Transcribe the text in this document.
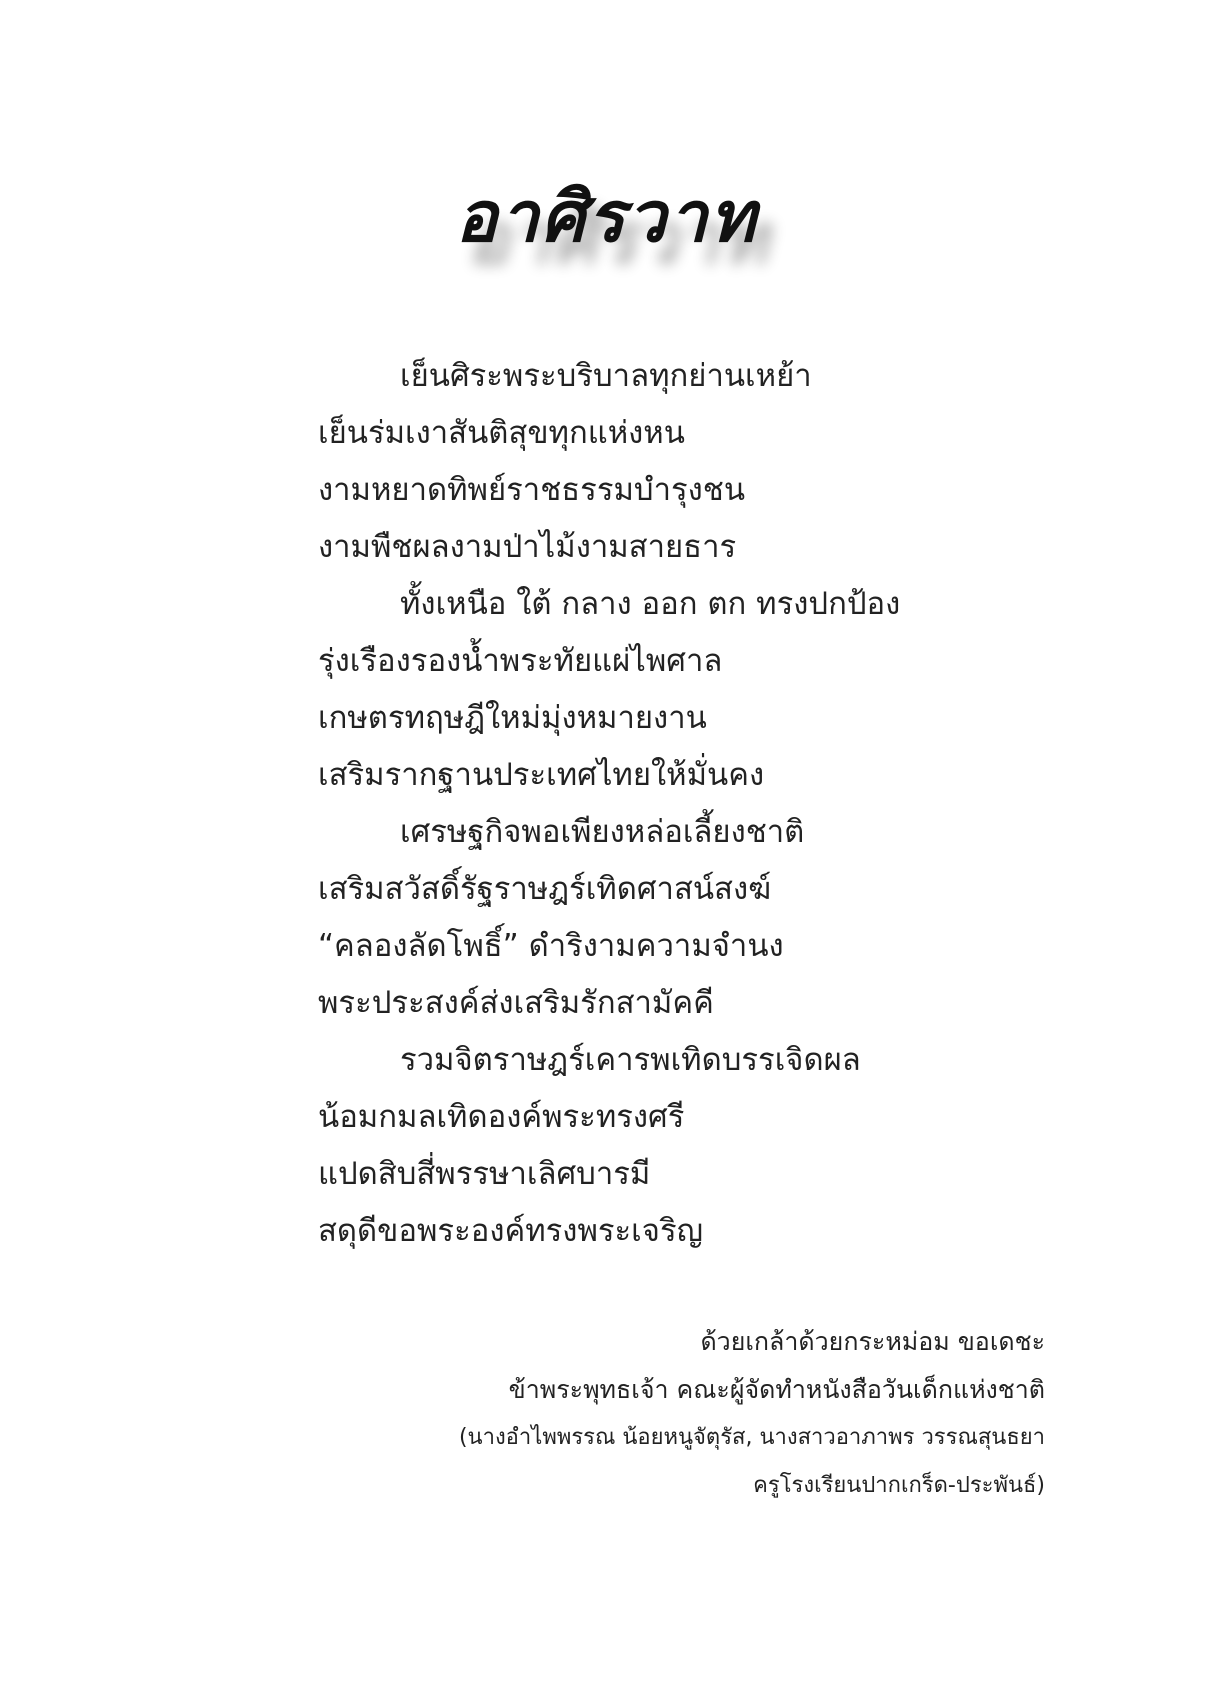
อาศิรวาท
เย็นศิระพระบริบาลทุกย่านเหย้า
เย็นร่มเงาสันติสุขทุกแห่งหน
งามหยาดทิพย์ราชธรรมบำรุงชน
งามพืชผลงามป่าไม้งามสายธาร
ทั้งเหนือ ใต้ กลาง ออก ตก ทรงปกป้อง
รุ่งเรืองรองน้ำพระทัยแผ่ไพศาล
เกษตรทฤษฎีใหม่มุ่งหมายงาน
เสริมรากฐานประเทศไทยให้มั่นคง
เศรษฐกิจพอเพียงหล่อเลี้ยงชาติ
เสริมสวัสดิ์รัฐราษฎร์เทิดศาสน์สงฆ์
“คลองลัดโพธิ์” ดำริงามความจำนง
พระประสงค์ส่งเสริมรักสามัคคี
รวมจิตราษฎร์เคารพเทิดบรรเจิดผล
น้อมกมลเทิดองค์พระทรงศรี
แปดสิบสี่พรรษาเลิศบารมี
สดุดีขอพระองค์ทรงพระเจริญ
ด้วยเกล้าด้วยกระหม่อม ขอเดชะ
ข้าพระพุทธเจ้า คณะผู้จัดทำหนังสือวันเด็กแห่งชาติ
(นางอำไพพรรณ น้อยหนูจัตุรัส, นางสาวอาภาพร วรรณสุนธยา
ครูโรงเรียนปากเกร็ด-ประพันธ์)
